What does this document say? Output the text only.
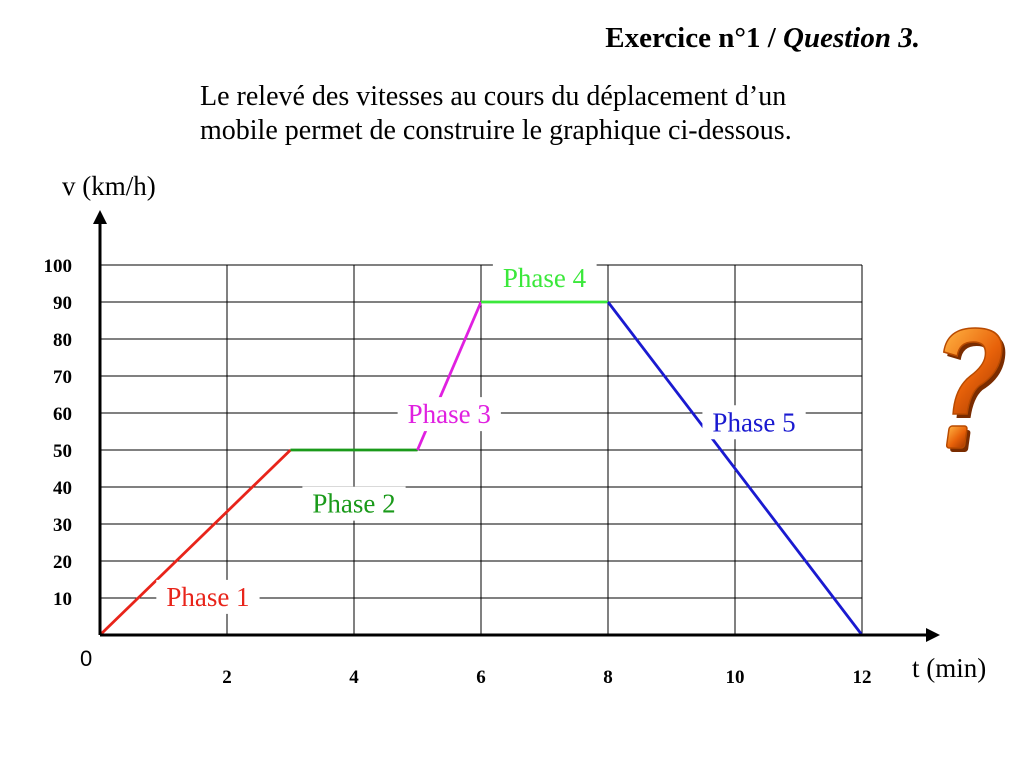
Exercice n°1 / Question 3.

Le relevé des vitesses au cours du déplacement d’un
mobile permet de construire le graphique ci-dessous.

10
20
30
40
50
60
70
80
90
100
2	4	6	8	10	12
Phase 1
Phase 2
Phase 3
Phase 4
Phase 5
v (km/h)
t (min)
0
